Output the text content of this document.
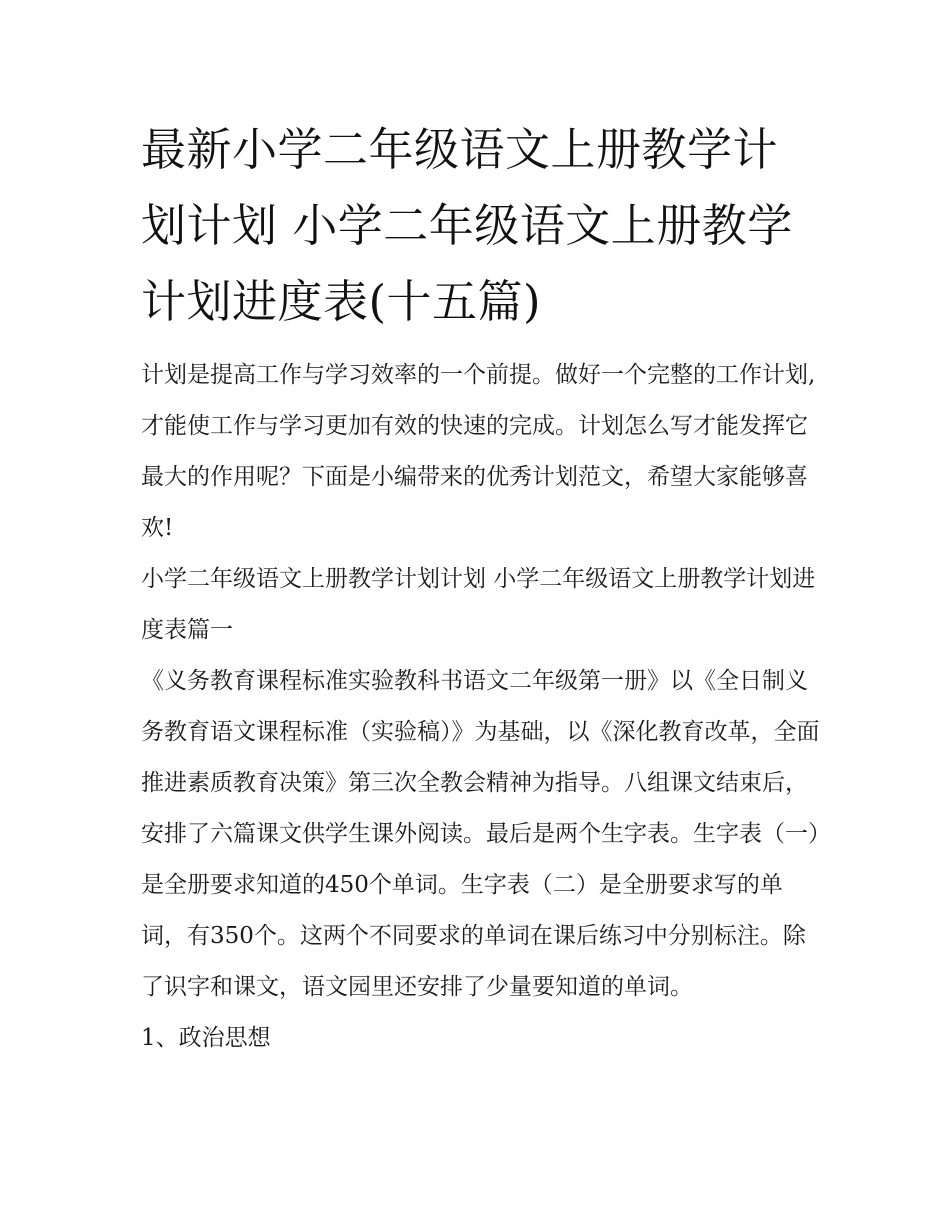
最新小学二年级语文上册教学计划计划 小学二年级语文上册教学计划进度表(十五篇)

计划是提高工作与学习效率的一个前提。做好一个完整的工作计划,才能使工作与学习更加有效的快速的完成。计划怎么写才能发挥它最大的作用呢？下面是小编带来的优秀计划范文，希望大家能够喜欢!

小学二年级语文上册教学计划计划 小学二年级语文上册教学计划进度表篇一

《义务教育课程标准实验教科书语文二年级第一册》以《全日制义务教育语文课程标准（实验稿）》为基础，以《深化教育改革，全面推进素质教育决策》第三次全教会精神为指导。八组课文结束后，安排了六篇课文供学生课外阅读。最后是两个生字表。生字表（一）是全册要求知道的450个单词。生字表（二）是全册要求写的单词，有350个。这两个不同要求的单词在课后练习中分别标注。除了识字和课文，语文园里还安排了少量要知道的单词。

1、政治思想
